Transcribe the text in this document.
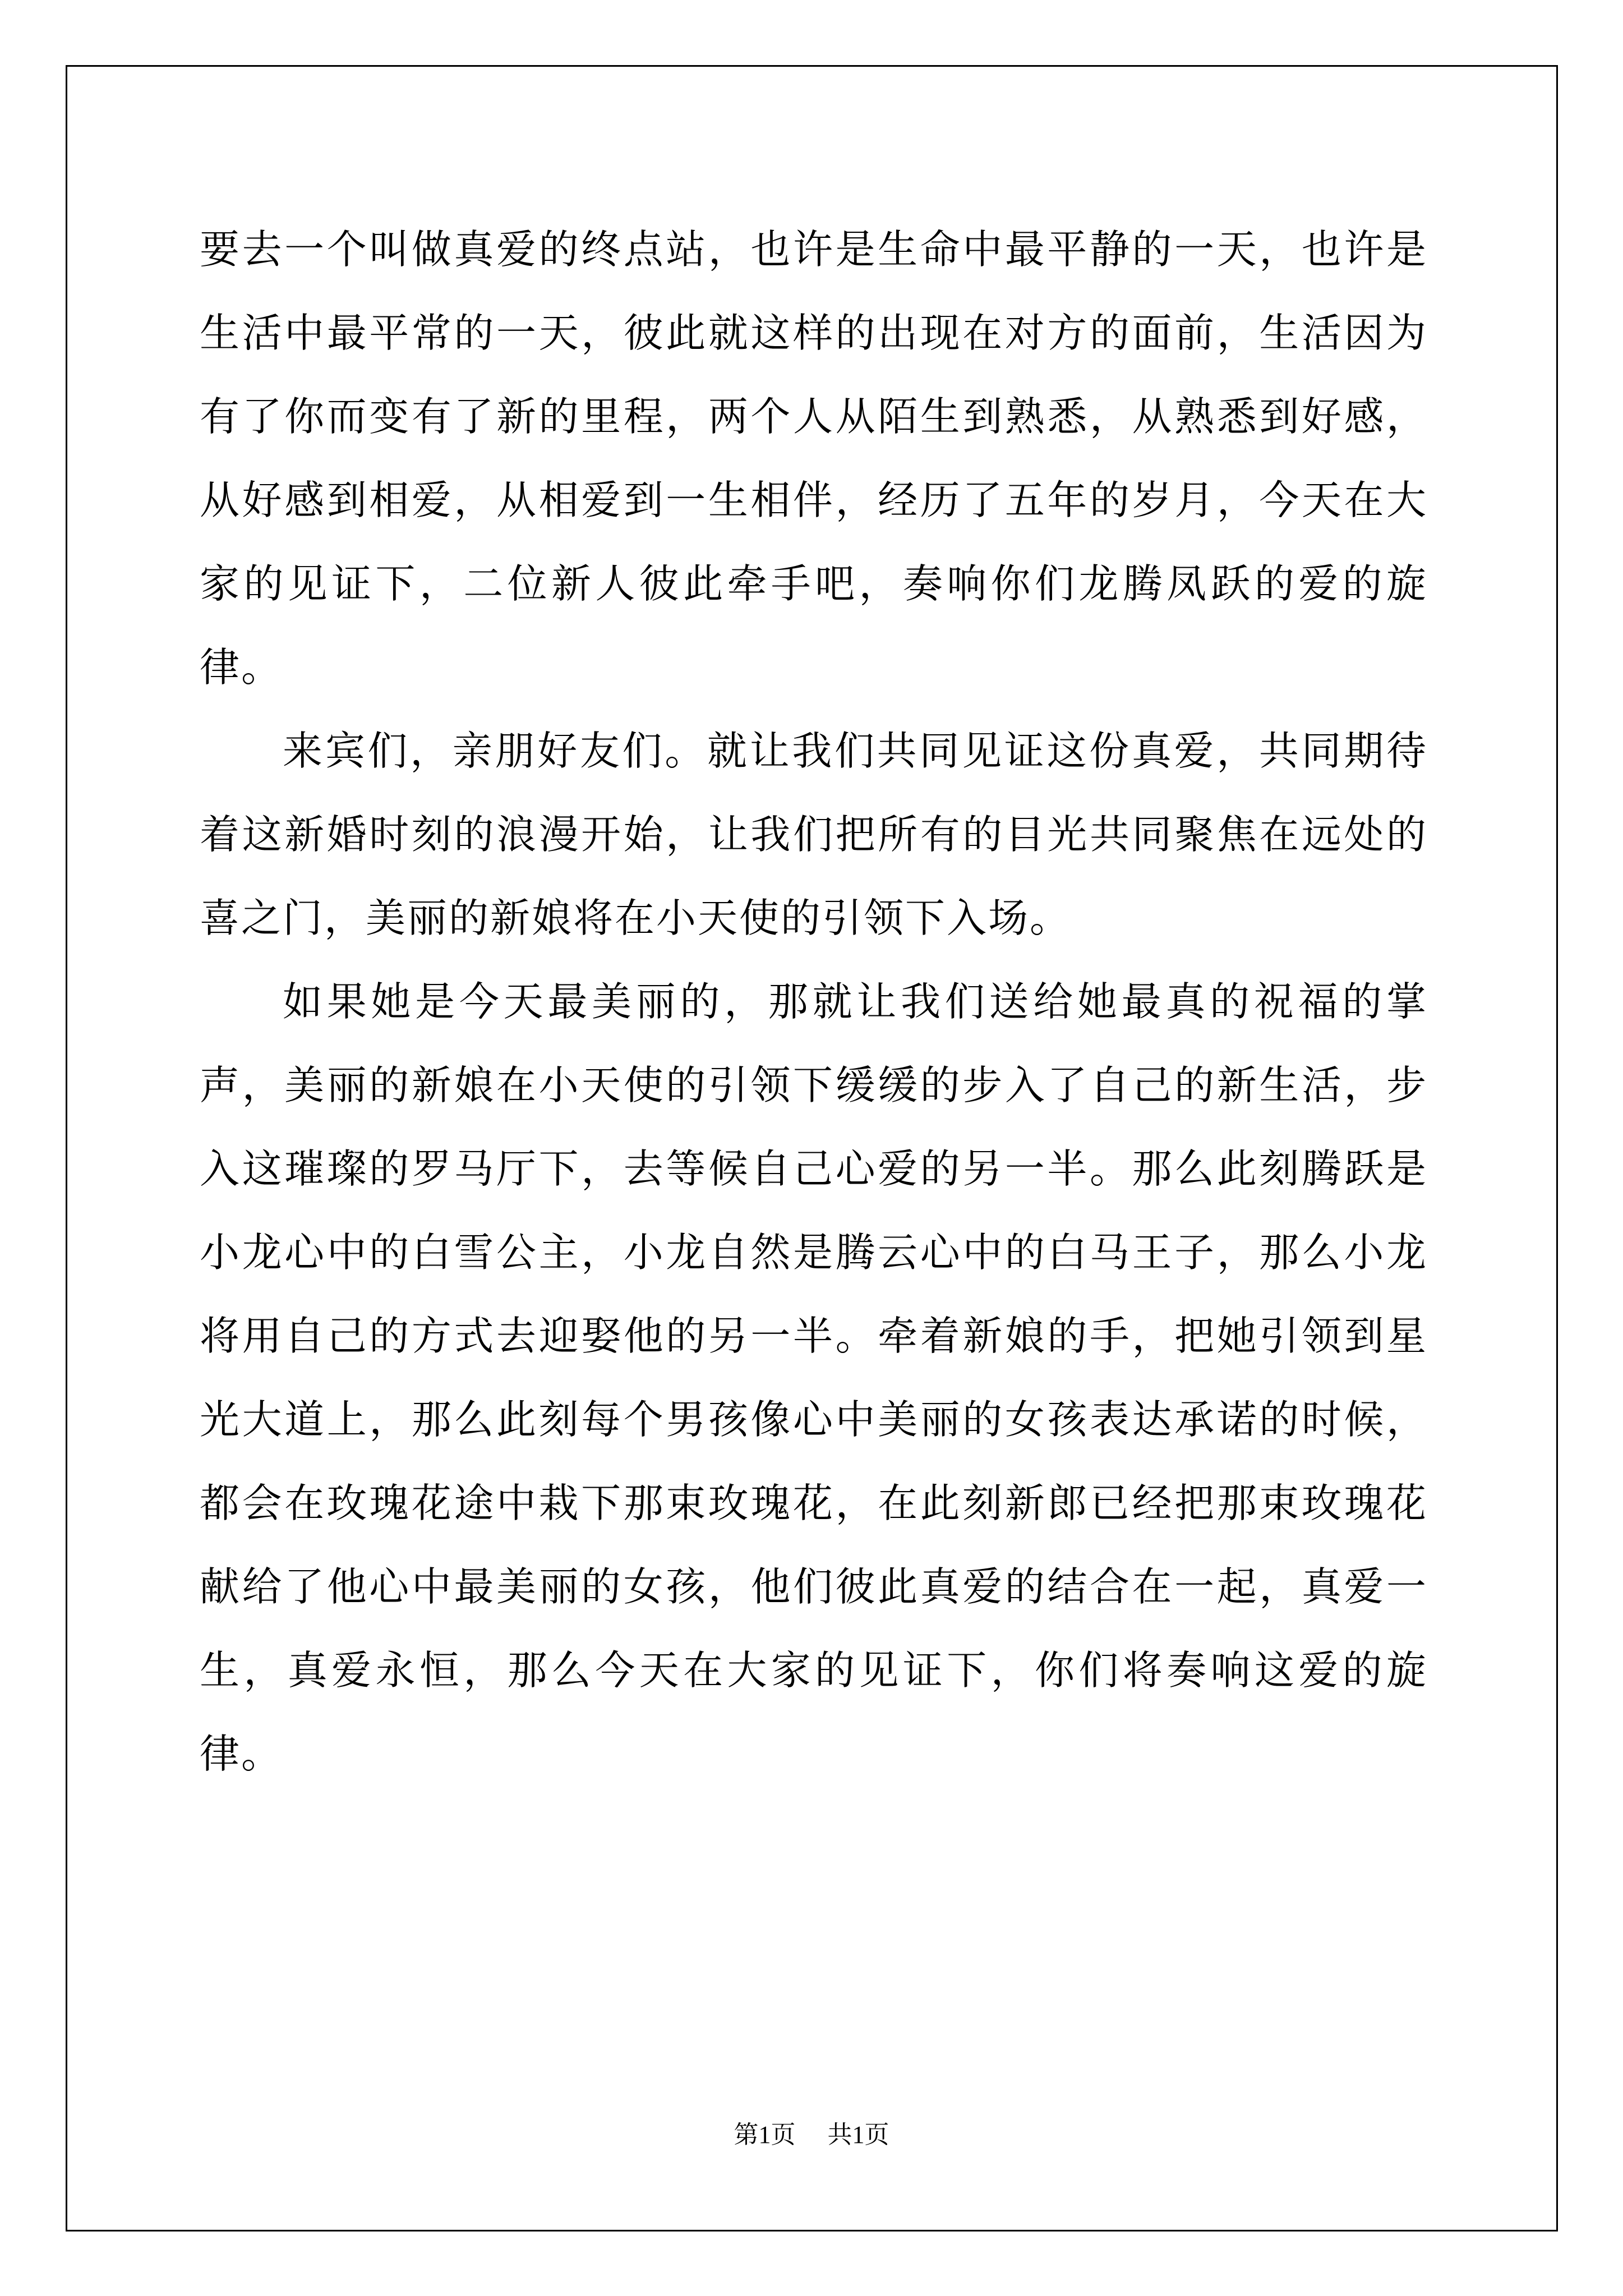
要去一个叫做真爱的终点站，也许是生命中最平静的一天，也许是生活中最平常的一天，彼此就这样的出现在对方的面前，生活因为有了你而变有了新的里程，两个人从陌生到熟悉，从熟悉到好感，从好感到相爱，从相爱到一生相伴，经历了五年的岁月，今天在大家的见证下，二位新人彼此牵手吧，奏响你们龙腾凤跃的爱的旋律。

来宾们，亲朋好友们。就让我们共同见证这份真爱，共同期待着这新婚时刻的浪漫开始，让我们把所有的目光共同聚焦在远处的喜之门，美丽的新娘将在小天使的引领下入场。

如果她是今天最美丽的，那就让我们送给她最真的祝福的掌声，美丽的新娘在小天使的引领下缓缓的步入了自己的新生活，步入这璀璨的罗马厅下，去等候自己心爱的另一半。那么此刻腾跃是小龙心中的白雪公主，小龙自然是腾云心中的白马王子，那么小龙将用自己的方式去迎娶他的另一半。牵着新娘的手，把她引领到星光大道上，那么此刻每个男孩像心中美丽的女孩表达承诺的时候，都会在玫瑰花途中栽下那束玫瑰花，在此刻新郎已经把那束玫瑰花献给了他心中最美丽的女孩，他们彼此真爱的结合在一起，真爱一生，真爱永恒，那么今天在大家的见证下，你们将奏响这爱的旋律。

第1页 共1页
